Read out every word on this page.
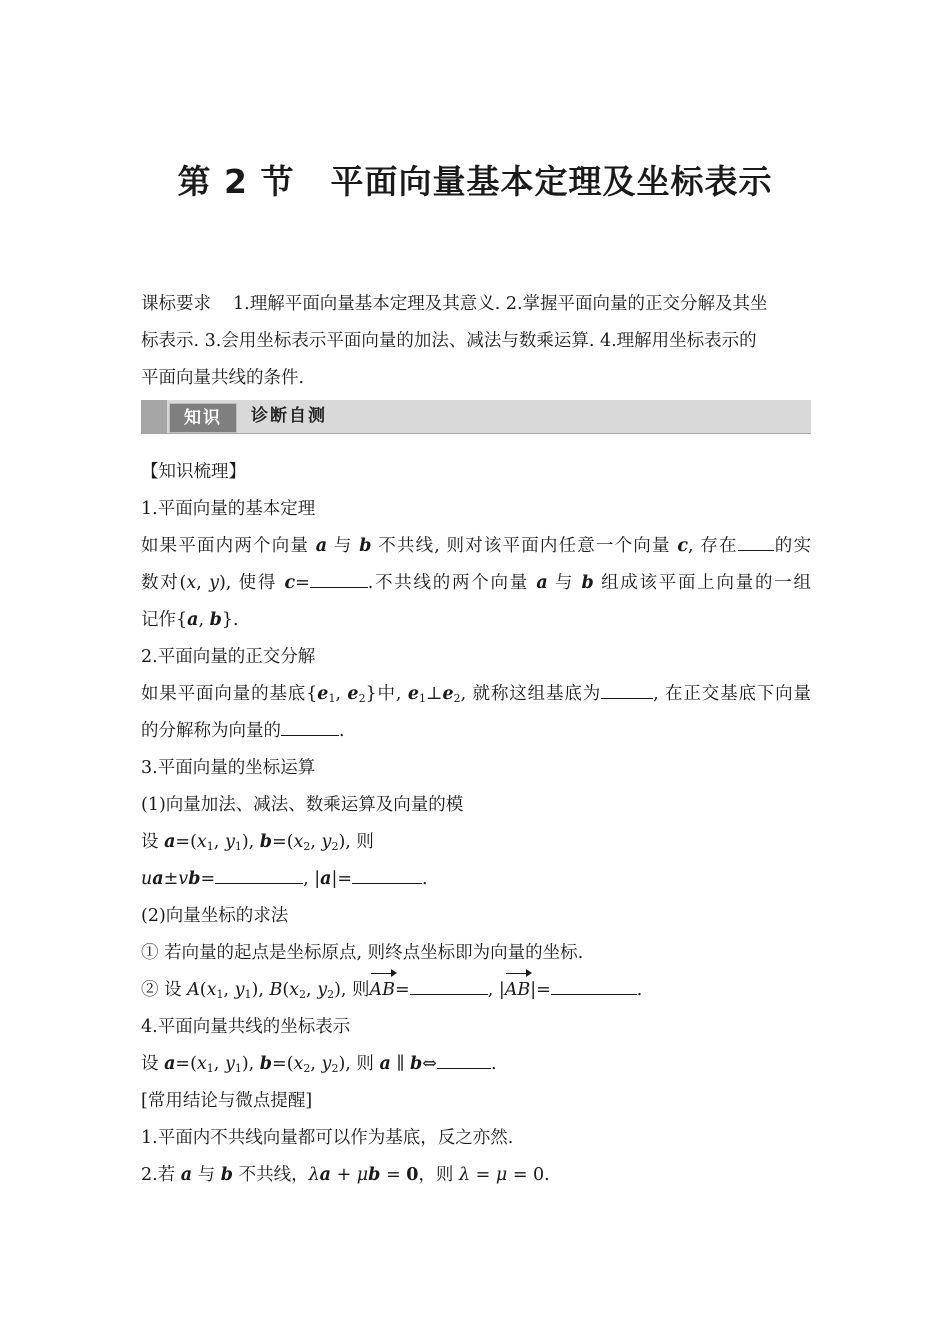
第 2 节 平面向量基本定理及坐标表示
课标要求 1.理解平面向量基本定理及其意义. 2.掌握平面向量的正交分解及其坐
标表示. 3.会用坐标表示平面向量的加法、减法与数乘运算. 4.理解用坐标表示的
平面向量共线的条件.
知识	诊断自测
【知识梳理】
1.平面向量的基本定理
如果平面内两个向量 a 与 b 不共线, 则对该平面内任意一个向量 c, 存在 的实
数对(x, y), 使得 c=	.不共线的两个向量 a 与 b 组成该平面上向量的一组
记作{a, b}.
2.平面向量的正交分解
如果平面向量的基底{$e_1$, $e_2$}中, $e_1\perp e_2$, 就称这组基底为	, 在正交基底下向量
的分解称为向量的	.
3.平面向量的坐标运算
(1)向量加法、减法、数乘运算及向量的模
设 $a=(x_1$, $y_1$), $b=(x_2$, $y_2$), 则
ua±vb=	, |a|=	.
(2)向量坐标的求法
① 若向量的起点是坐标原点, 则终点坐标即为向量的坐标.
② 设 $A(x_1$, $y_1$), $B(x_2$, $y_2$), 则AB=	, |AB|=	.
4.平面向量共线的坐标表示
设 $a=(x_1$, $y_1$), $b=(x_2$, $y_2$), 则 a ∥ b⇔	.
[常用结论与微点提醒]
1.平面内不共线向量都可以作为基底，反之亦然.
2.若 a 与 b 不共线，λa + μb = 0，则 λ = μ = 0.
